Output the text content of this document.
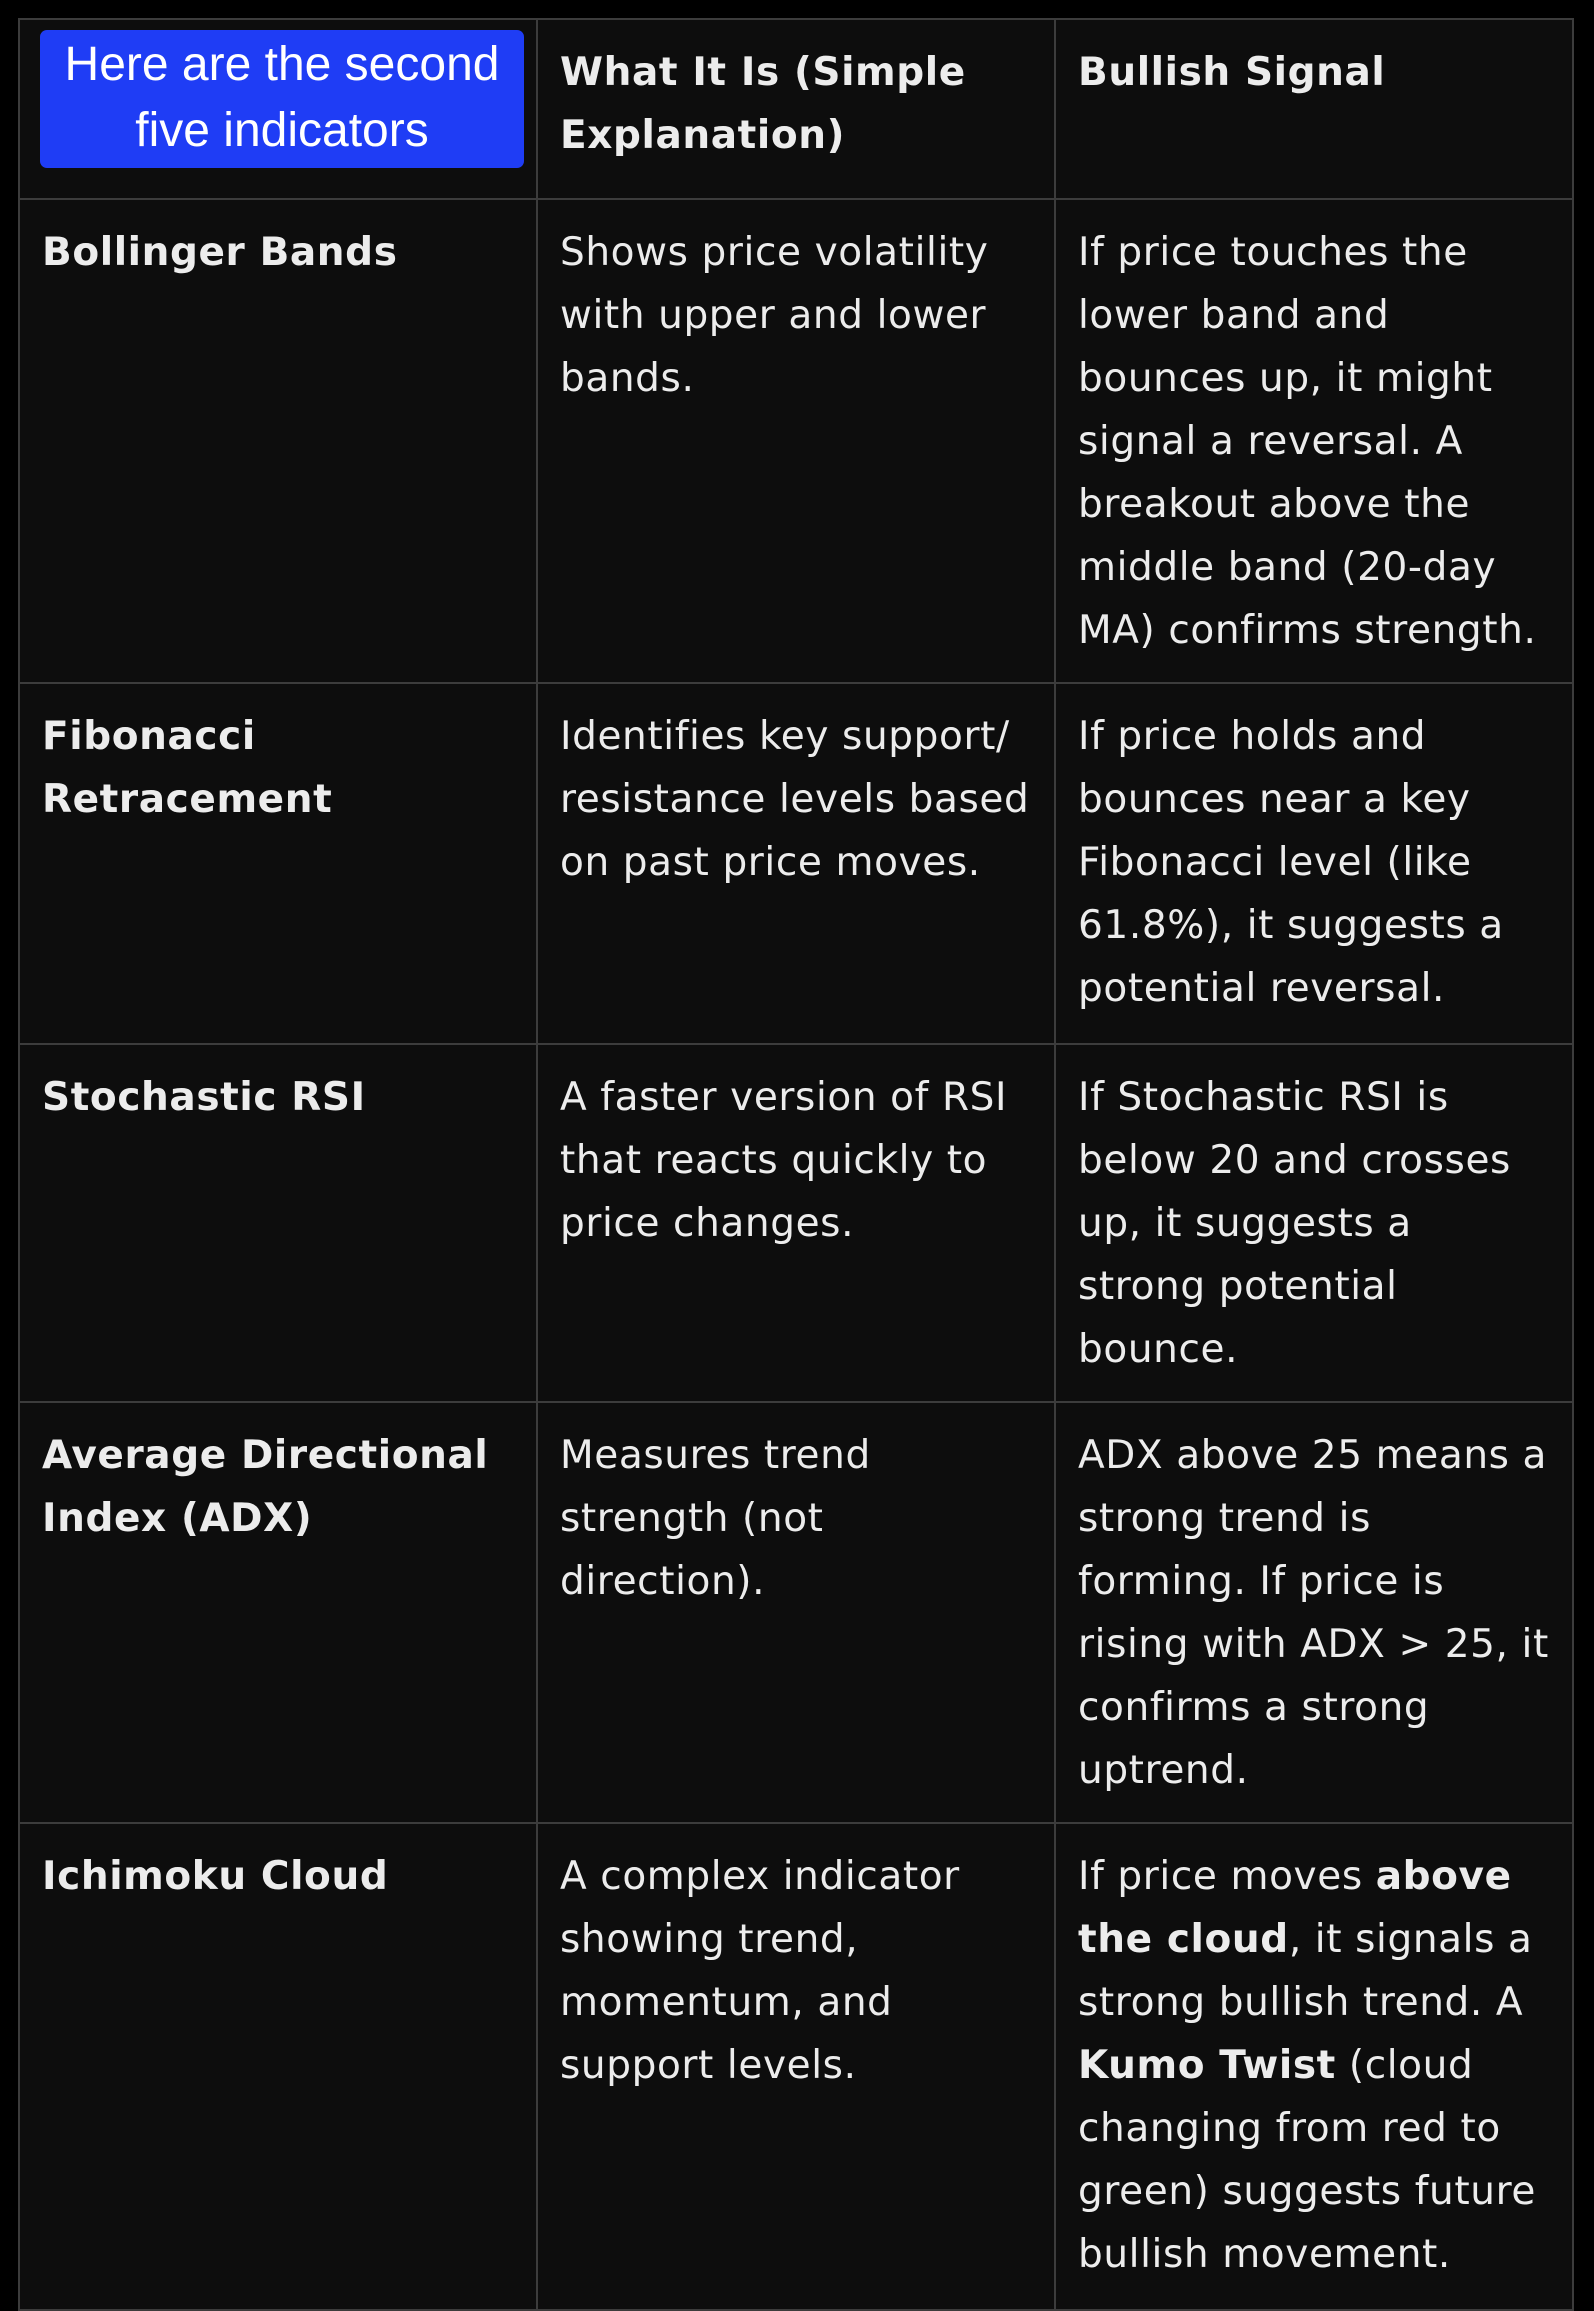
Here are the second
five indicators	What It Is (Simple Explanation)	Bullish Signal
Bollinger Bands	Shows price volatility with upper and lower bands.	If price touches the lower band and bounces up, it might signal a reversal. A breakout above the middle band (20-day MA) confirms strength.
Fibonacci Retracement	Identifies key support/ resistance levels based on past price moves.	If price holds and bounces near a key Fibonacci level (like 61.8%), it suggests a potential reversal.
Stochastic RSI	A faster version of RSI that reacts quickly to price changes.	If Stochastic RSI is below 20 and crosses up, it suggests a strong potential bounce.
Average Directional Index (ADX)	Measures trend strength (not direction).	ADX above 25 means a strong trend is forming. If price is rising with ADX > 25, it confirms a strong uptrend.
Ichimoku Cloud	A complex indicator showing trend, momentum, and support levels.	If price moves above the cloud, it signals a strong bullish trend. A Kumo Twist (cloud changing from red to green) suggests future bullish movement.
